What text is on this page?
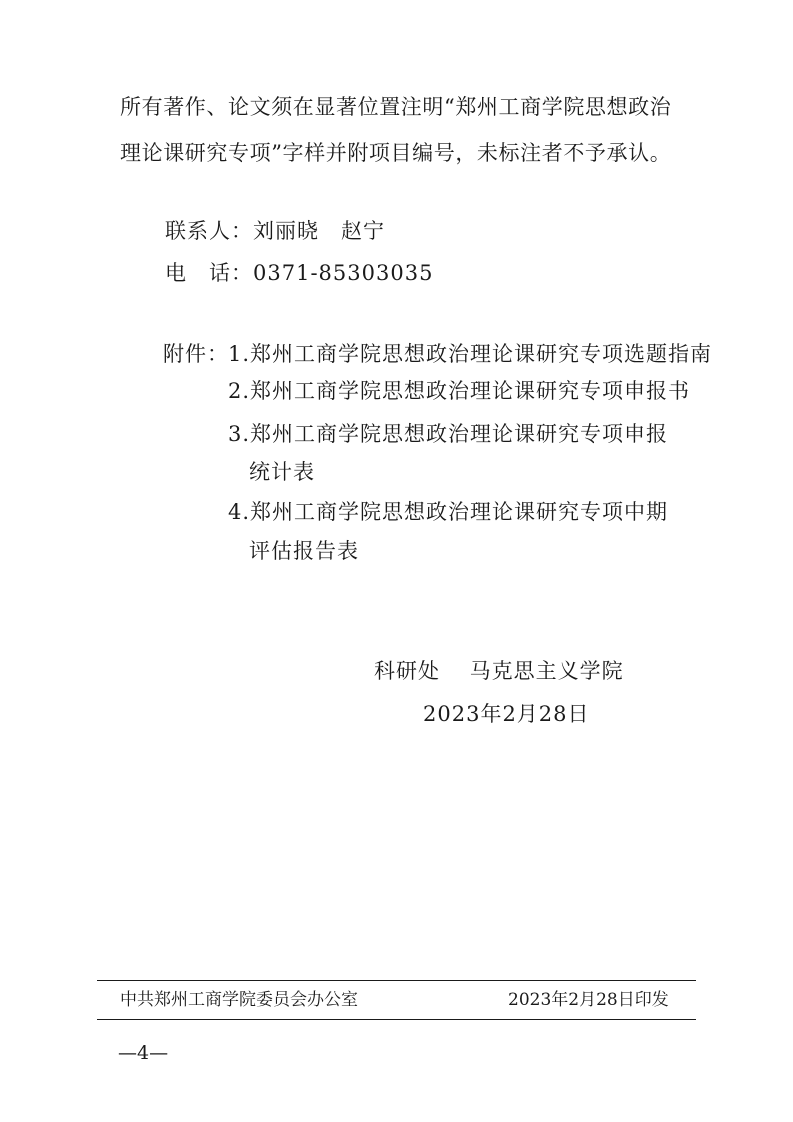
所有著作、论文须在显著位置注明“郑州工商学院思想政治
理论课研究专项”字样并附项目编号，未标注者不予承认。
联系人：刘丽晓　赵宁
电　话：0371-85303035
附件： 1.郑州工商学院思想政治理论课研究专项选题指南
2.郑州工商学院思想政治理论课研究专项申报书
3.郑州工商学院思想政治理论课研究专项申报
统计表
4.郑州工商学院思想政治理论课研究专项中期
评估报告表
科研处　 马克思主义学院
2023年2月28日
中共郑州工商学院委员会办公室	2023年2月28日印发
—4—
